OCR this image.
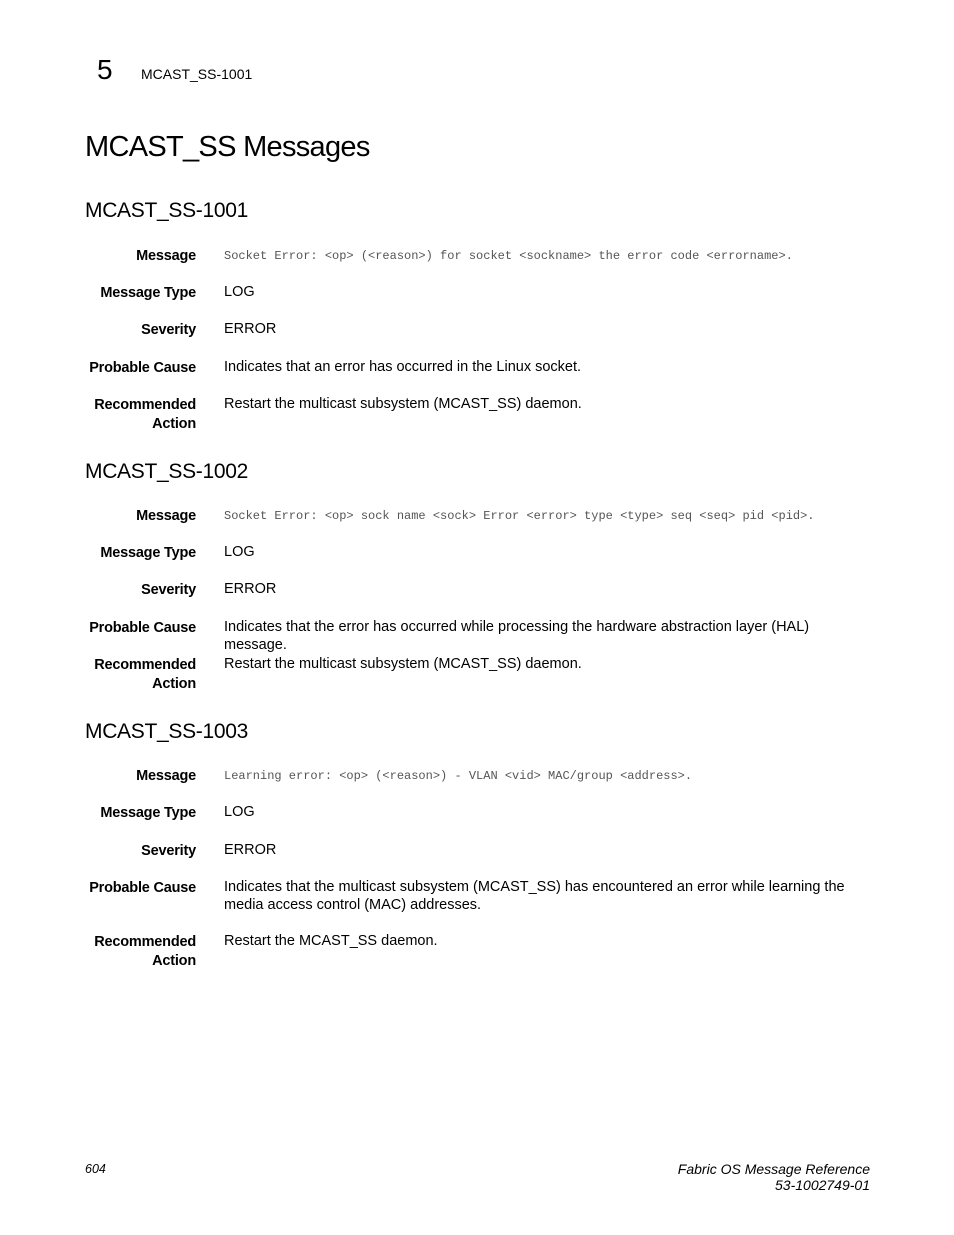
5 MCAST_SS-1001
MCAST_SS Messages
MCAST_SS-1001
Message Socket Error: <op> (<reason>) for socket <sockname> the error code <errorname>.
Message Type LOG
Severity ERROR
Probable Cause Indicates that an error has occurred in the Linux socket.
Recommended
Action
Restart the multicast subsystem (MCAST_SS) daemon.
MCAST_SS-1002
Message Socket Error: <op> sock name <sock> Error <error> type <type> seq <seq> pid <pid>.
Message Type LOG
Severity ERROR
Probable Cause Indicates that the error has occurred while processing the hardware abstraction layer (HAL) message.
Recommended
Action
Restart the multicast subsystem (MCAST_SS) daemon.
MCAST_SS-1003
Message Learning error: <op> (<reason>) - VLAN <vid> MAC/group <address>.
Message Type LOG
Severity ERROR
Probable Cause Indicates that the multicast subsystem (MCAST_SS) has encountered an error while learning the media access control (MAC) addresses.
Recommended
Action
Restart the MCAST_SS daemon.
604	Fabric OS Message Reference
53-1002749-01
